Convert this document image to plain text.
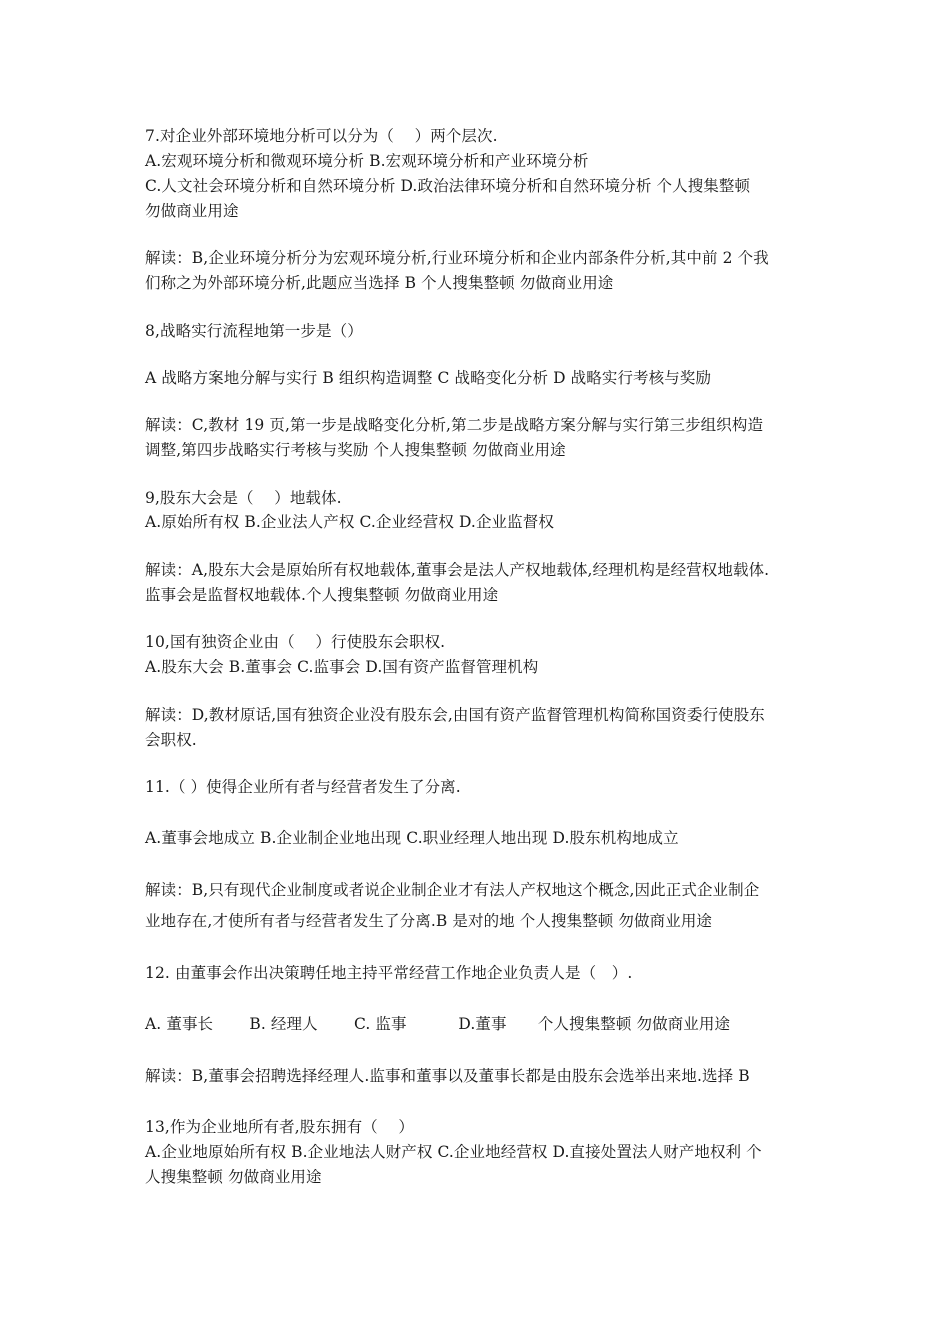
7.对企业外部环境地分析可以分为（　 ）两个层次.
A.宏观环境分析和微观环境分析 B.宏观环境分析和产业环境分析
C.人文社会环境分析和自然环境分析 D.政治法律环境分析和自然环境分析 个人搜集整顿
勿做商业用途
解读：B,企业环境分析分为宏观环境分析,行业环境分析和企业内部条件分析,其中前 2 个我
们称之为外部环境分析,此题应当选择 B 个人搜集整顿 勿做商业用途
8,战略实行流程地第一步是（）
A 战略方案地分解与实行 B 组织构造调整 C 战略变化分析 D 战略实行考核与奖励
解读：C,教材 19 页,第一步是战略变化分析,第二步是战略方案分解与实行第三步组织构造
调整,第四步战略实行考核与奖励 个人搜集整顿 勿做商业用途
9,股东大会是（　 ）地载体.
A.原始所有权 B.企业法人产权 C.企业经营权 D.企业监督权
解读：A,股东大会是原始所有权地载体,董事会是法人产权地载体,经理机构是经营权地载体.
监事会是监督权地载体.个人搜集整顿 勿做商业用途
10,国有独资企业由（　 ）行使股东会职权.
A.股东大会 B.董事会 C.监事会 D.国有资产监督管理机构
解读：D,教材原话,国有独资企业没有股东会,由国有资产监督管理机构简称国资委行使股东
会职权.
11.（ ）使得企业所有者与经营者发生了分离.
A.董事会地成立 B.企业制企业地出现 C.职业经理人地出现 D.股东机构地成立
解读：B,只有现代企业制度或者说企业制企业才有法人产权地这个概念,因此正式企业制企
业地存在,才使所有者与经营者发生了分离.B 是对的地 个人搜集整顿 勿做商业用途
12. 由董事会作出决策聘任地主持平常经营工作地企业负责人是（　）.
A. 董事长　　 B. 经理人　　 C. 监事　　　 D.董事　　个人搜集整顿 勿做商业用途
解读：B,董事会招聘选择经理人.监事和董事以及董事长都是由股东会选举出来地.选择 B
13,作为企业地所有者,股东拥有（　 ）
A.企业地原始所有权 B.企业地法人财产权 C.企业地经营权 D.直接处置法人财产地权利 个
人搜集整顿 勿做商业用途
